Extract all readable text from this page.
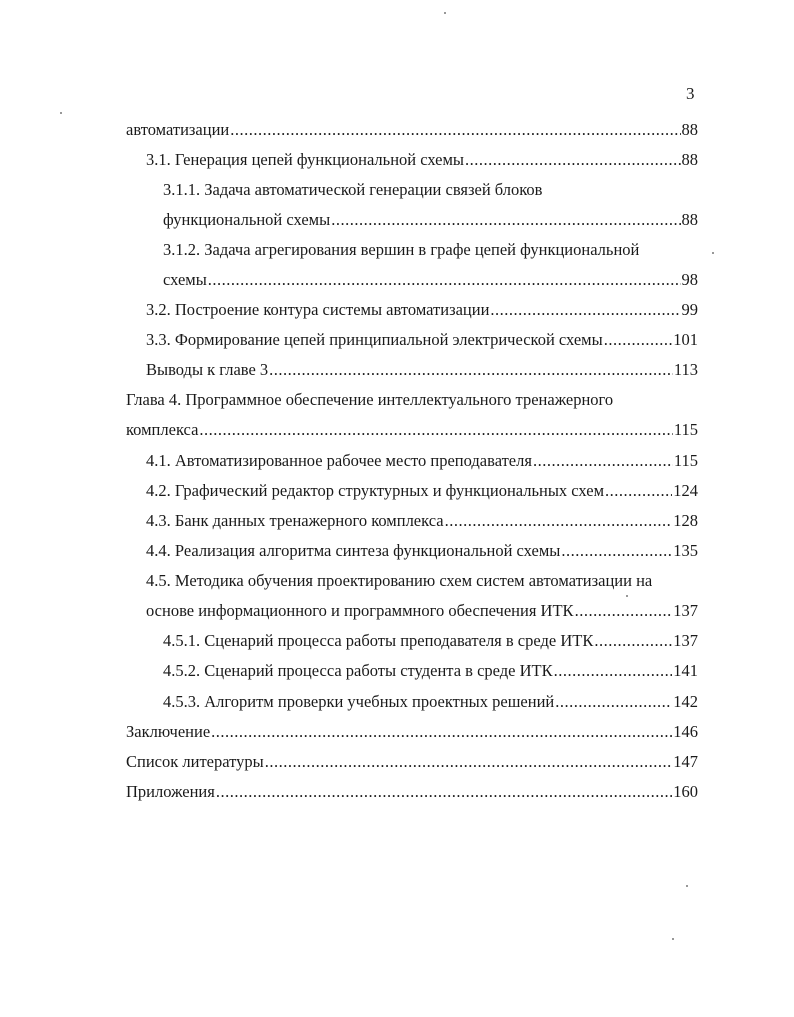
3
автоматизации .....	88
3.1. Генерация цепей функциональной схемы .....	88
3.1.1. Задача автоматической генерации связей блоков
функциональной схемы .....	88
3.1.2. Задача агрегирования вершин в графе цепей функциональной
схемы .....	98
3.2. Построение контура системы автоматизации .....	99
3.3. Формирование цепей принципиальной электрической схемы .....	101
Выводы к главе 3 .....	113
Глава 4. Программное обеспечение интеллектуального тренажерного
комплекса .....	115
4.1. Автоматизированное рабочее место преподавателя .....	115
4.2. Графический редактор структурных и функциональных схем .....	124
4.3. Банк данных тренажерного комплекса .....	128
4.4. Реализация алгоритма синтеза функциональной схемы .....	135
4.5. Методика обучения проектированию схем систем автоматизации на
основе информационного и программного обеспечения ИТК .....	137
4.5.1. Сценарий процесса работы преподавателя в среде ИТК .....	137
4.5.2. Сценарий процесса работы студента в среде ИТК .....	141
4.5.3. Алгоритм проверки учебных проектных решений .....	142
Заключение .....	146
Список литературы .....	147
Приложения .....	160
